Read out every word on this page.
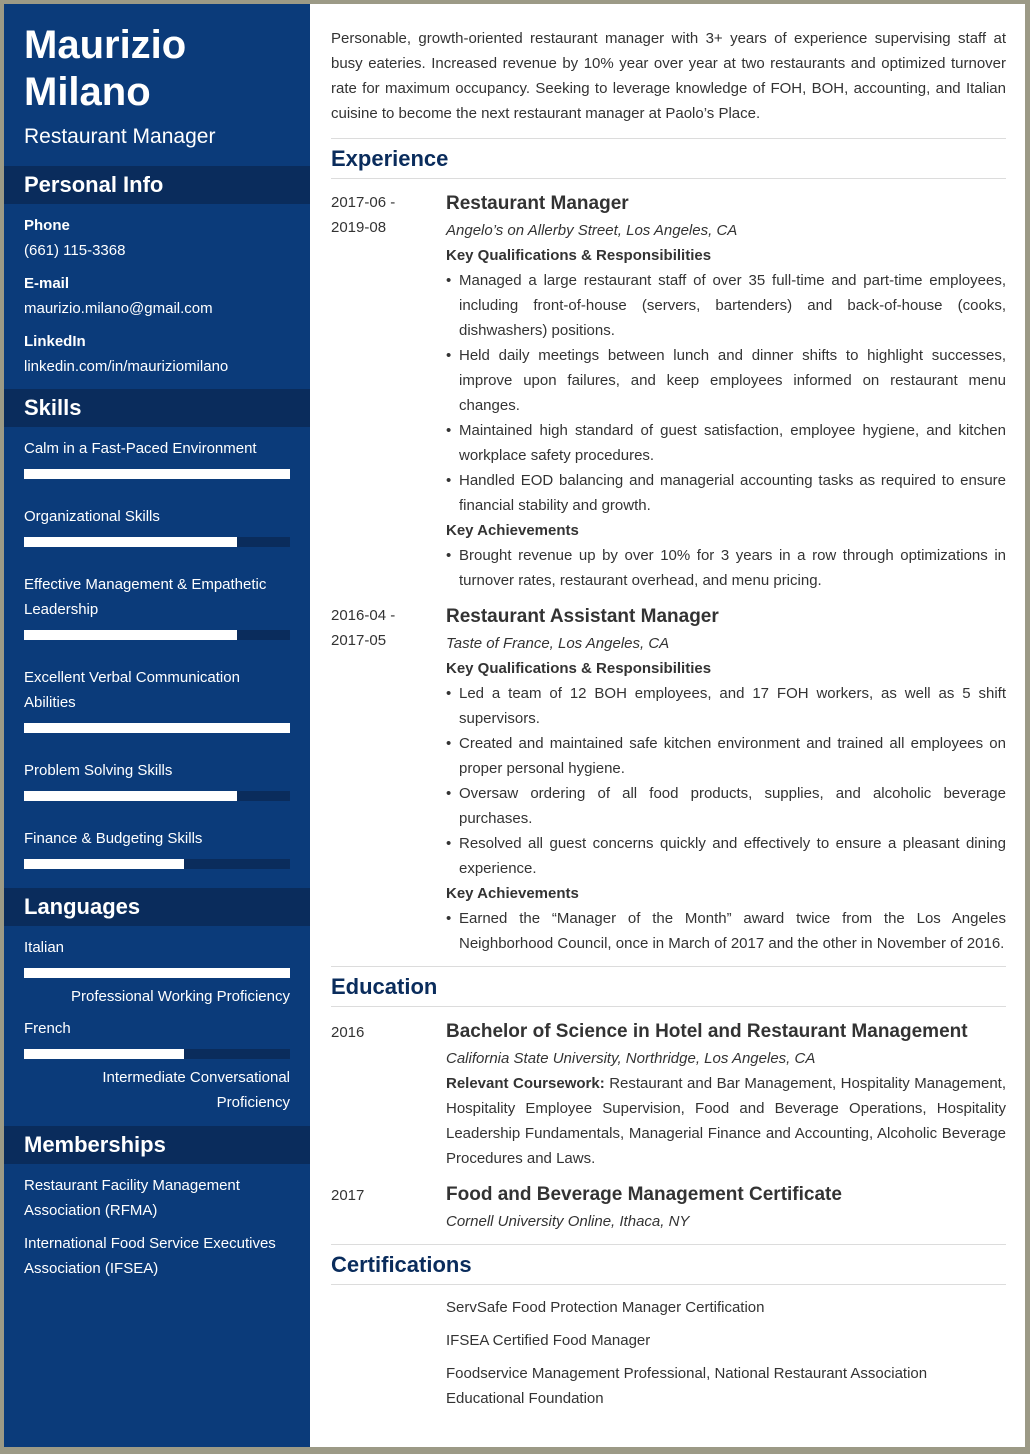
Maurizio
Milano
Restaurant Manager
Personal Info
Phone
(661) 115-3368
E-mail
maurizio.milano@gmail.com
LinkedIn
linkedin.com/in/mauriziomilano
Skills
Calm in a Fast-Paced Environment
Organizational Skills
Effective Management & Empathetic Leadership
Excellent Verbal Communication Abilities
Problem Solving Skills
Finance & Budgeting Skills
Languages
Italian
Professional Working Proficiency
French
Intermediate Conversational Proficiency
Memberships
Restaurant Facility Management Association (RFMA)
International Food Service Executives Association (IFSEA)
Personable, growth-oriented restaurant manager with 3+ years of experience supervising staff at busy eateries. Increased revenue by 10% year over year at two restaurants and optimized turnover rate for maximum occupancy. Seeking to leverage knowledge of FOH, BOH, accounting, and Italian cuisine to become the next restaurant manager at Paolo’s Place.
Experience
2017-06 -
2019-08
Restaurant Manager
Angelo’s on Allerby Street, Los Angeles, CA
Key Qualifications & Responsibilities
• Managed a large restaurant staff of over 35 full-time and part-time employees, including front-of-house (servers, bartenders) and back-of-house (cooks, dishwashers) positions.
• Held daily meetings between lunch and dinner shifts to highlight successes, improve upon failures, and keep employees informed on restaurant menu changes.
• Maintained high standard of guest satisfaction, employee hygiene, and kitchen workplace safety procedures.
• Handled EOD balancing and managerial accounting tasks as required to ensure financial stability and growth.
Key Achievements
• Brought revenue up by over 10% for 3 years in a row through optimizations in turnover rates, restaurant overhead, and menu pricing.
2016-04 -
2017-05
Restaurant Assistant Manager
Taste of France, Los Angeles, CA
Key Qualifications & Responsibilities
• Led a team of 12 BOH employees, and 17 FOH workers, as well as 5 shift supervisors.
• Created and maintained safe kitchen environment and trained all employees on proper personal hygiene.
• Oversaw ordering of all food products, supplies, and alcoholic beverage purchases.
• Resolved all guest concerns quickly and effectively to ensure a pleasant dining experience.
Key Achievements
• Earned the “Manager of the Month” award twice from the Los Angeles Neighborhood Council, once in March of 2017 and the other in November of 2016.
Education
2016	Bachelor of Science in Hotel and Restaurant Management
California State University, Northridge, Los Angeles, CA
Relevant Coursework: Restaurant and Bar Management, Hospitality Management, Hospitality Employee Supervision, Food and Beverage Operations, Hospitality Leadership Fundamentals, Managerial Finance and Accounting, Alcoholic Beverage Procedures and Laws.
2017	Food and Beverage Management Certificate
Cornell University Online, Ithaca, NY
Certifications
ServSafe Food Protection Manager Certification
IFSEA Certified Food Manager
Foodservice Management Professional, National Restaurant Association Educational Foundation
